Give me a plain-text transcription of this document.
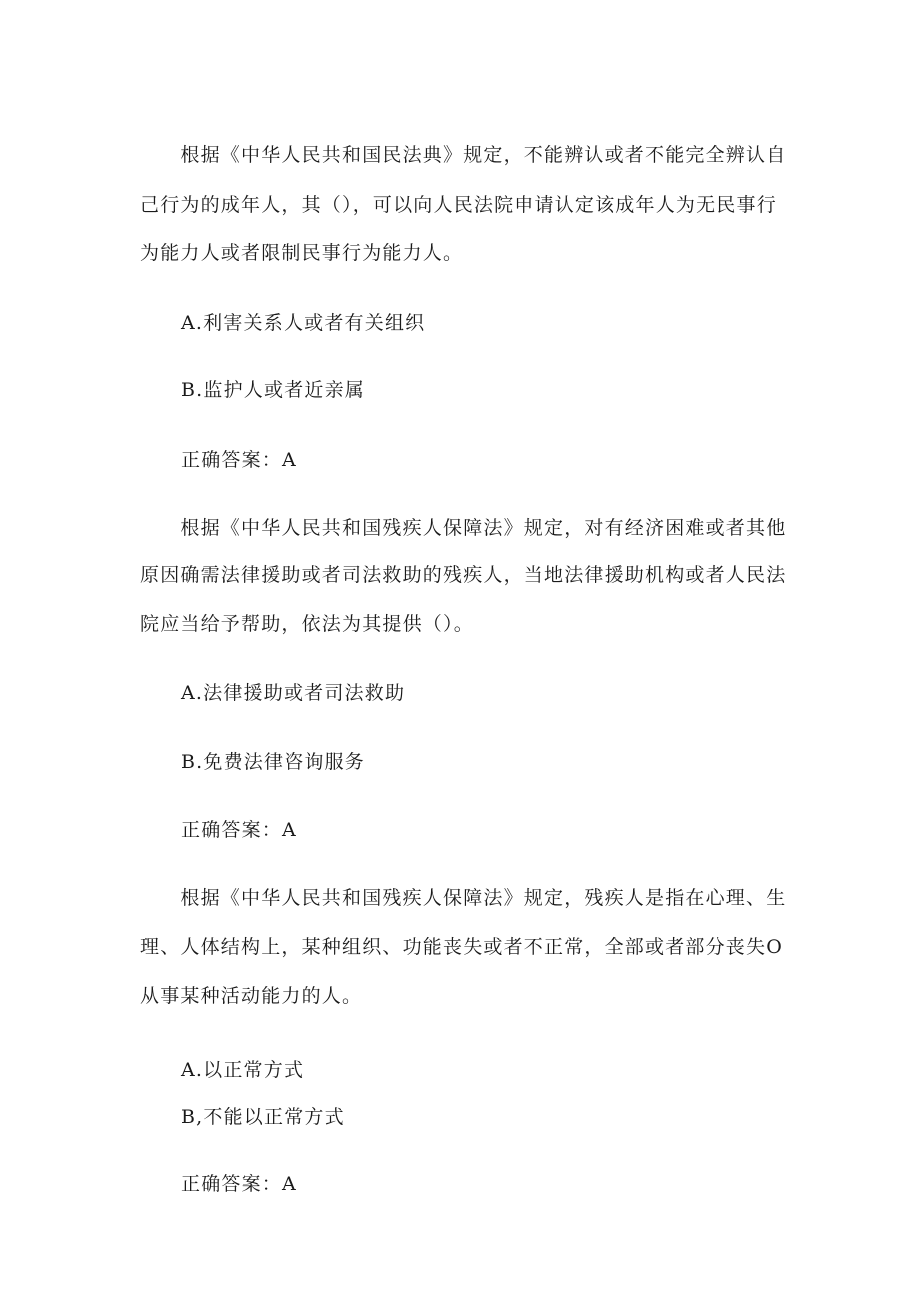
　　根据《中华人民共和国民法典》规定，不能辨认或者不能完全辨认自
己行为的成年人，其（），可以向人民法院申请认定该成年人为无民事行
为能力人或者限制民事行为能力人。
A.利害关系人或者有关组织
B.监护人或者近亲属
正确答案：A
　　根据《中华人民共和国残疾人保障法》规定，对有经济困难或者其他
原因确需法律援助或者司法救助的残疾人，当地法律援助机构或者人民法
院应当给予帮助，依法为其提供（）。
A.法律援助或者司法救助
B.免费法律咨询服务
正确答案：A
　　根据《中华人民共和国残疾人保障法》规定，残疾人是指在心理、生
理、人体结构上，某种组织、功能丧失或者不正常，全部或者部分丧失O
从事某种活动能力的人。
A.以正常方式
B,不能以正常方式
正确答案：A
